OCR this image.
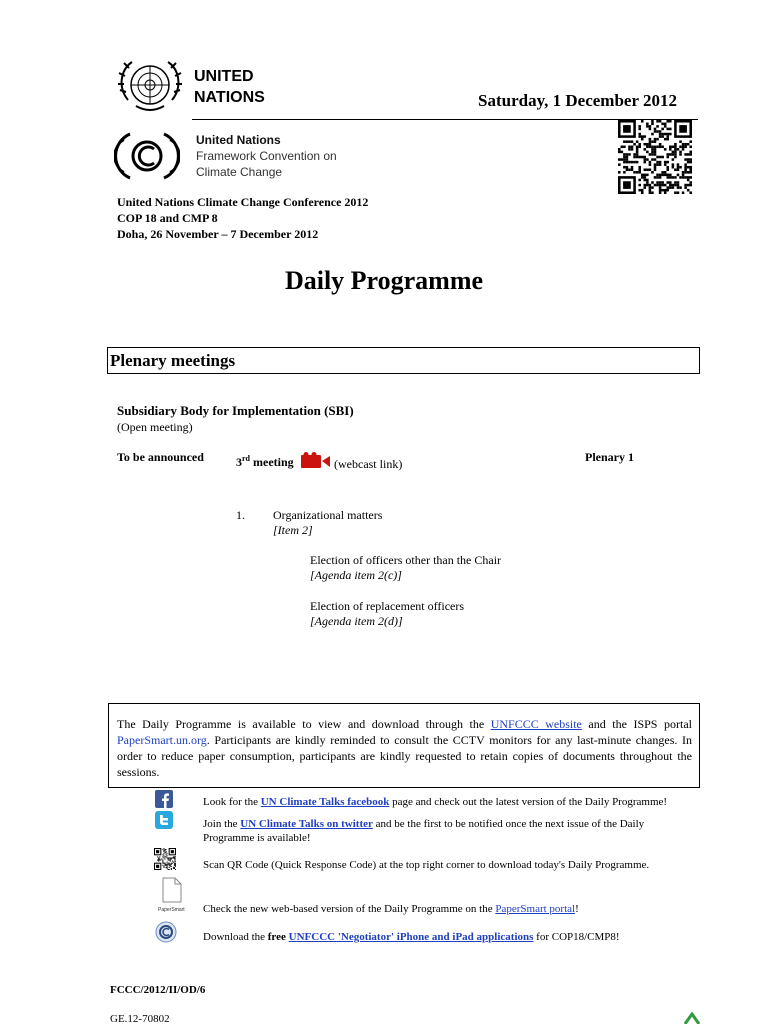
UNITED
NATIONS	Saturday, 1 December 2012
United Nations
Framework Convention on
Climate Change
United Nations Climate Change Conference 2012
COP 18 and CMP 8
Doha, 26 November – 7 December 2012
Daily Programme
Plenary meetings
Subsidiary Body for Implementation (SBI)
(Open meeting)
To be announced	3rd meeting	(webcast link)	Plenary 1
1. Organizational matters
[Item 2]
Election of officers other than the Chair
[Agenda item 2(c)]
Election of replacement officers
[Agenda item 2(d)]
The Daily Programme is available to view and download through the UNFCCC website and the ISPS portal PaperSmart.un.org. Participants are kindly reminded to consult the CCTV monitors for any last-minute changes. In order to reduce paper consumption, participants are kindly requested to retain copies of documents throughout the sessions.
Look for the UN Climate Talks facebook page and check out the latest version of the Daily Programme!
Join the UN Climate Talks on twitter and be the first to be notified once the next issue of the Daily Programme is available!
Scan QR Code (Quick Response Code) at the top right corner to download today's Daily Programme.
PaperSmart Check the new web-based version of the Daily Programme on the PaperSmart portal!
Download the free UNFCCC 'Negotiator' iPhone and iPad applications for COP18/CMP8!
FCCC/2012/II/OD/6
GE.12-70802
